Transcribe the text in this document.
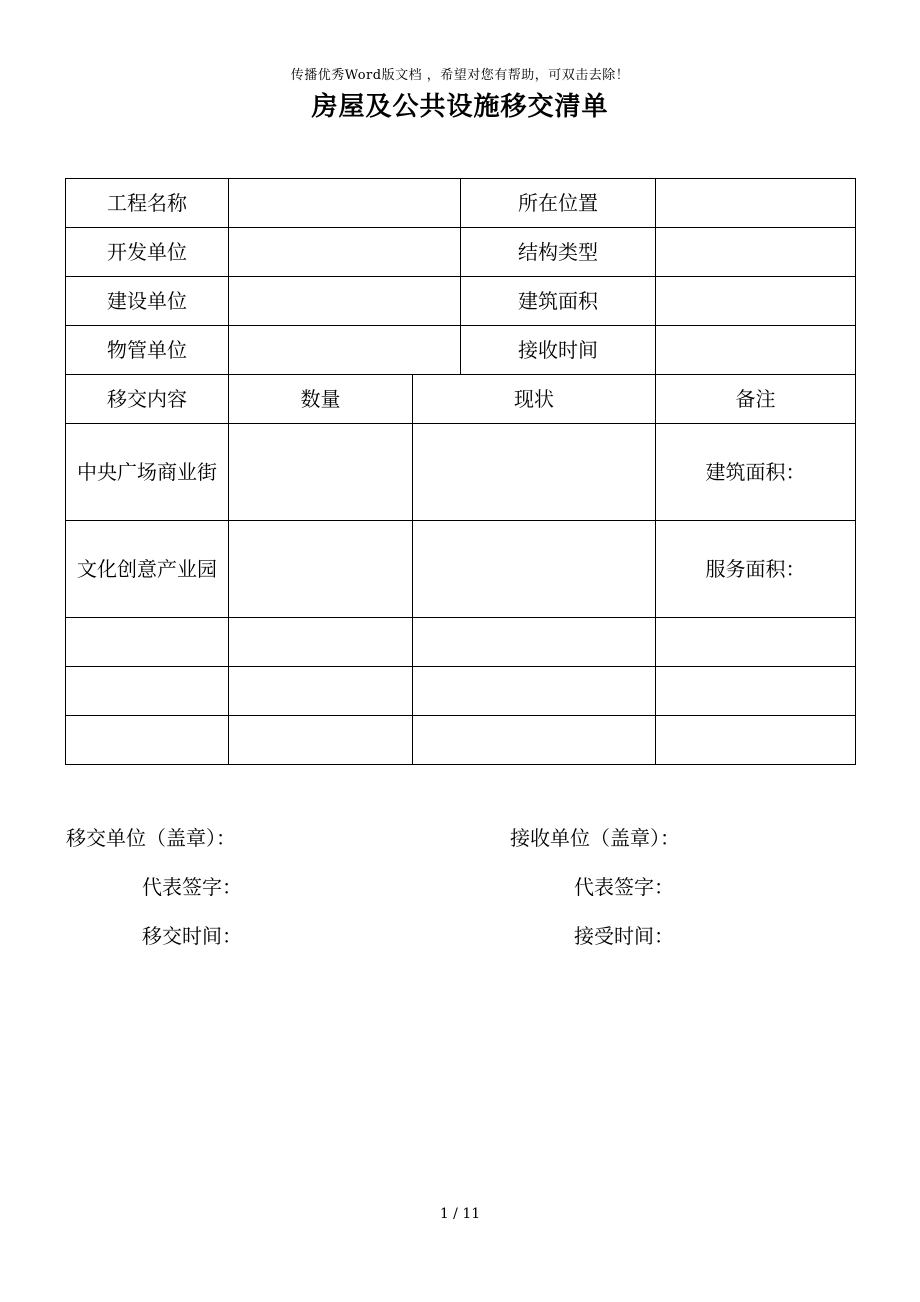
传播优秀Word版文档 ，希望对您有帮助，可双击去除！
房屋及公共设施移交清单
工程名称			所在位置	
开发单位			结构类型	
建设单位			建筑面积	
物管单位			接收时间	
移交内容	数量	现状		备注
中央广场商业街				建筑面积：
文化创意产业园				服务面积：

移交单位（盖章）：
代表签字：
移交时间：
接收单位（盖章）：
代表签字：
接受时间：
1 / 11
